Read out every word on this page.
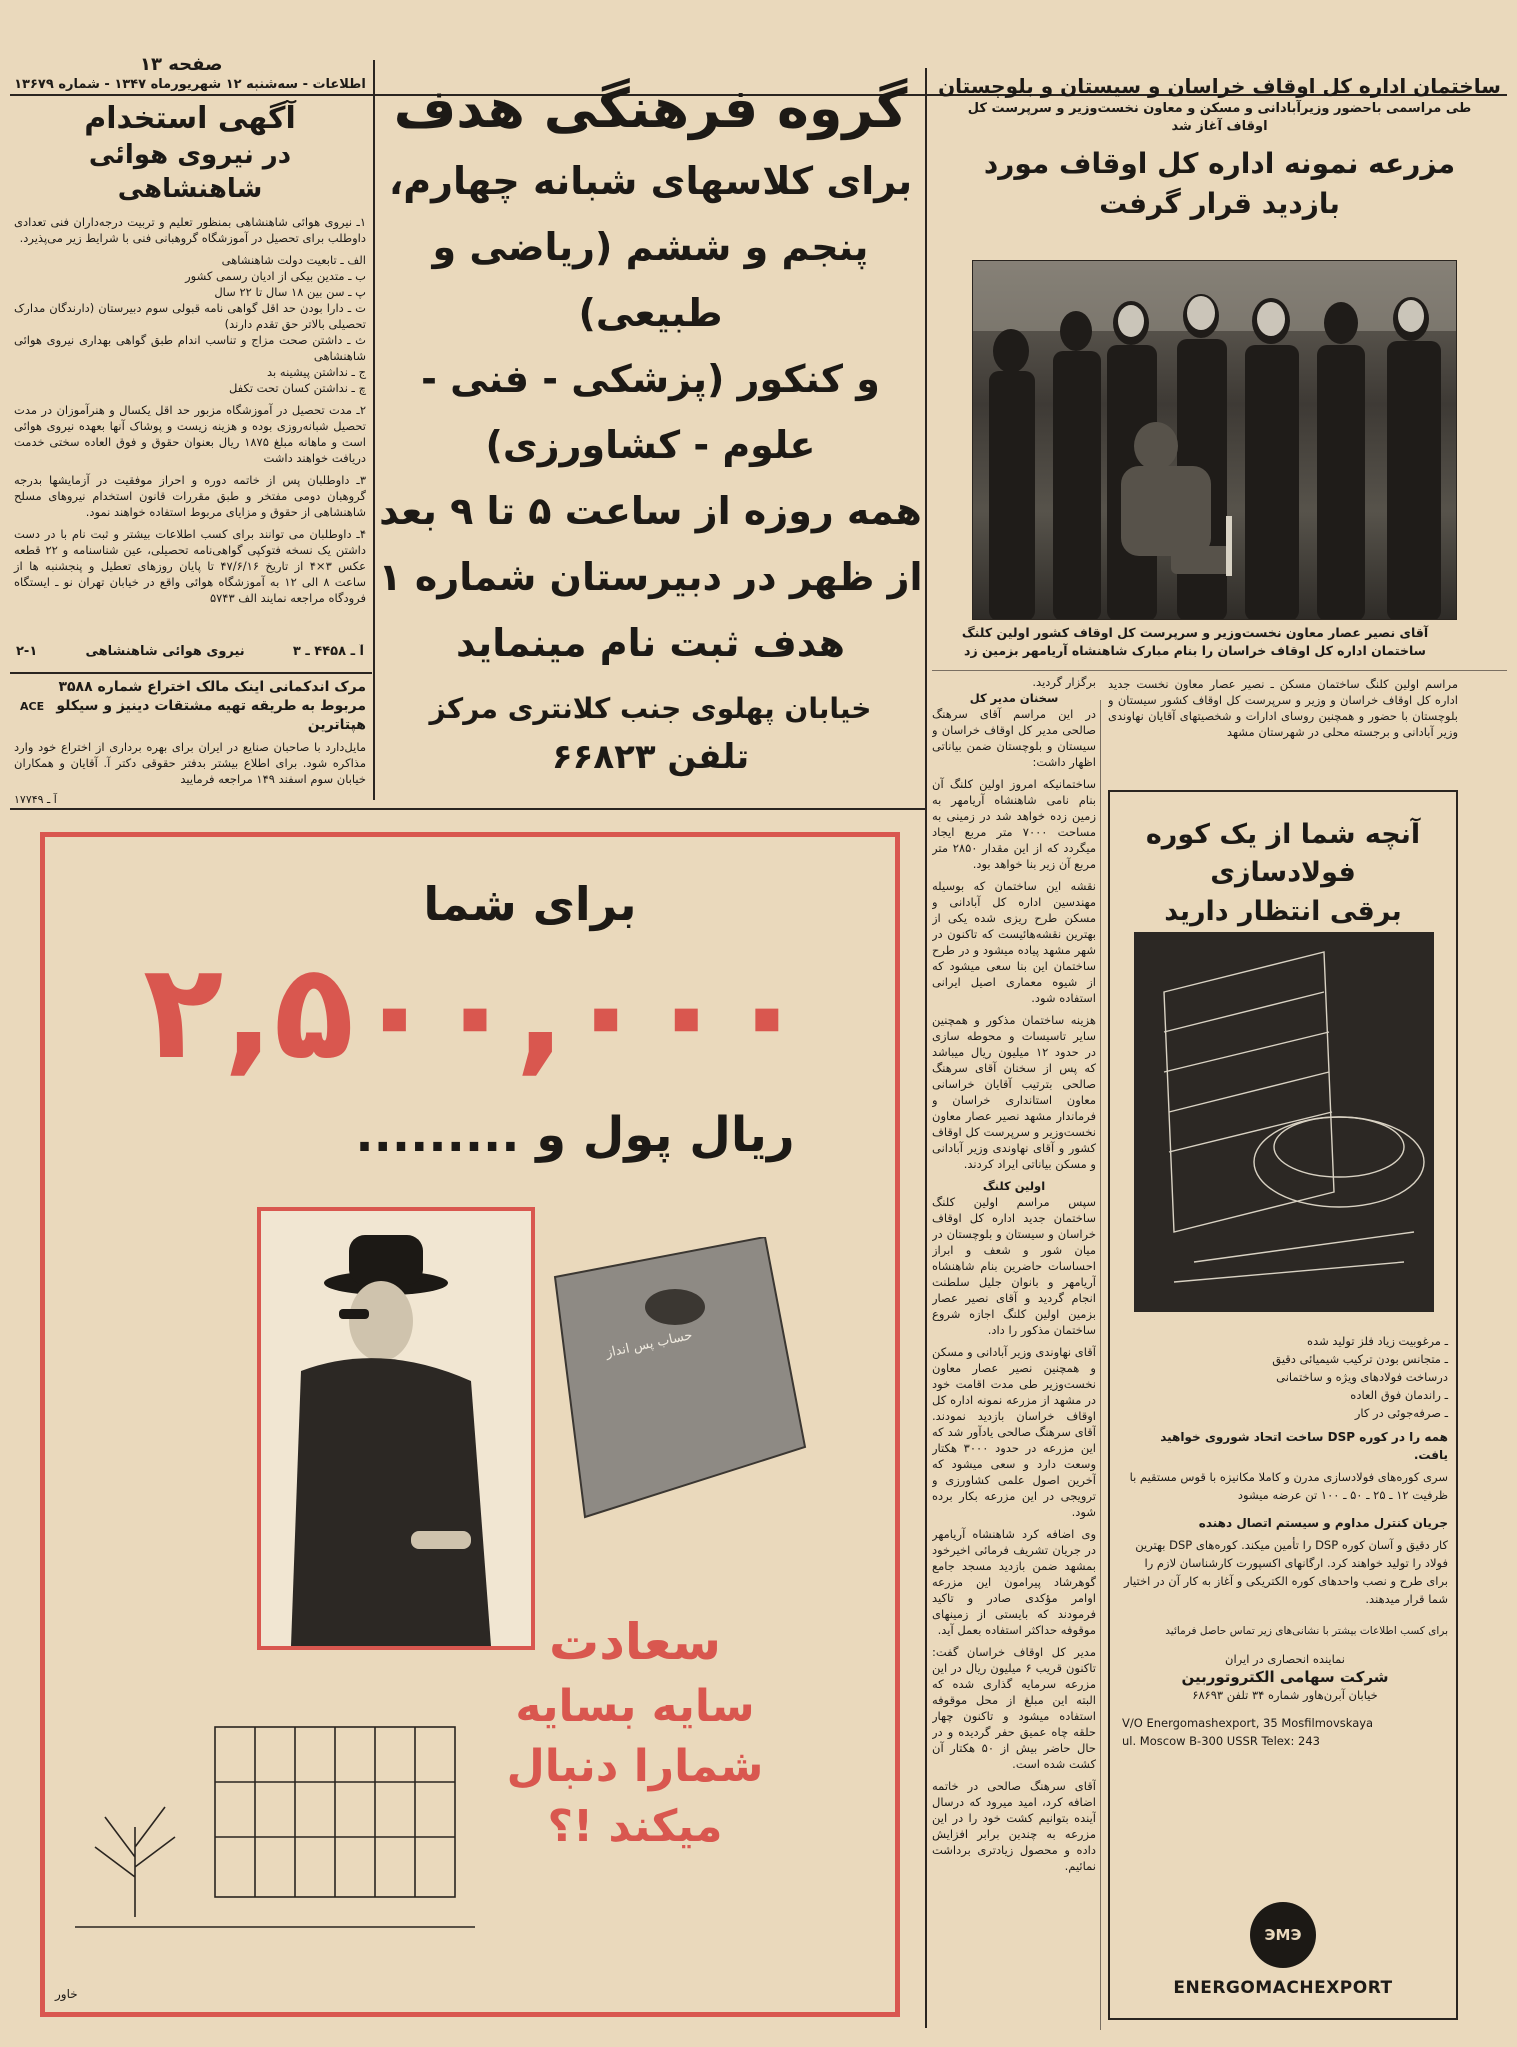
صفحه ۱۳
اطلاعات - سه‌شنبه ۱۲ شهریورماه ۱۳۴۷ - شماره ۱۳۶۷۹
آگهی استخدام
در نیروی هوائی شاهنشاهی

۱ـ نیروی هوائی شاهنشاهی بمنظور تعلیم و تربیت درجه‌داران فنی تعدادی داوطلب برای تحصیل در آموزشگاه گروهبانی فنی با شرایط زیر می‌پذیرد.

الف ـ تابعیت دولت شاهنشاهی

ب ـ متدین بیکی از ادیان رسمی کشور

پ ـ سن بین ۱۸ سال تا ۲۲ سال

ت ـ دارا بودن حد اقل گواهی نامه قبولی سوم دبیرستان (دارندگان مدارک تحصیلی بالاتر حق تقدم دارند)

ث ـ داشتن صحت مزاج و تناسب اندام طبق گواهی بهداری نیروی هوائی شاهنشاهی

ج ـ نداشتن پیشینه بد

چ ـ نداشتن کسان تحت تکفل

۲ـ مدت تحصیل در آموزشگاه مزبور حد اقل یکسال و هنرآموزان در مدت تحصیل شبانه‌روزی بوده و هزینه زیست و پوشاک آنها بعهده نیروی هوائی است و ماهانه مبلغ ۱۸۷۵ ریال بعنوان حقوق و فوق العاده سختی خدمت دریافت خواهند داشت

۳ـ داوطلبان پس از خاتمه دوره و احراز موفقیت در آزمایشها بدرجه گروهبان دومی مفتخر و طبق مقررات قانون استخدام نیروهای مسلح شاهنشاهی از حقوق و مزایای مربوط استفاده خواهند نمود.

۴ـ داوطلبان می توانند برای کسب اطلاعات بیشتر و ثبت نام با در دست داشتن یک نسخه فتوکپی گواهی‌نامه تحصیلی، عین شناسنامه و ۲۲ قطعه عکس ۳×۴ از تاریخ ۴۷/۶/۱۶ تا پایان روزهای تعطیل و پنجشنبه ها از ساعت ۸ الی ۱۲ به آموزشگاه هوائی واقع در خیابان تهران نو ـ ایستگاه فرودگاه مراجعه نمایند الف ۵۷۴۳

آ ـ ۴۴۵۸ ـ ۳
نیروی هوائی شاهنشاهی
۲-۱
مرک اندکمانی اینک مالک اختراع شماره ۳۵۸۸ مربوط به طریقه تهیه مشتقات دینیز و سیکلو هپتاترین
ACE

مایل‌دارد با صاحبان صنایع در ایران برای بهره برداری از اختراع خود وارد مذاکره شود. برای اطلاع بیشتر بدفتر حقوقی دکتر آ. آقایان و همکاران خیابان سوم اسفند ۱۴۹ مراجعه فرمایید

آ ـ ۱۷۷۴۹
گروه فرهنگی هدف
برای کلاسهای شبانه چهارم،
پنجم و ششم (ریاضی و طبیعی)
و کنکور (پزشکی - فنی -
علوم - کشاورزی)
همه روزه از ساعت ۵ تا ۹ بعد
از ظهر در دبیرستان شماره ۱
هدف ثبت نام مینماید
خیابان پهلوی جنب کلانتری مرکز
تلفن ۶۶۸۲۳
ساختمان اداره کل اوقاف خراسان و سیستان و بلوچستان
طی مراسمی باحضور وزیرآبادانی و مسکن و معاون نخست‌وزیر و سرپرست کل اوقاف آغاز شد
مزرعه نمونه اداره کل اوقاف مورد بازدید قرار گرفت
آقای نصیر عصار معاون نخست‌وزیر و سرپرست کل اوقاف کشور اولین کلنگ ساختمان اداره کل اوقاف خراسان را بنام مبارک شاهنشاه آریامهر بزمین زد
مراسم اولین کلنگ ساختمان مسکن ـ نصیر عصار معاون نخست جدید اداره کل اوقاف خراسان و وزیر و سرپرست کل اوقاف کشور سیستان و بلوچستان با حضور و همچنین روسای ادارات و شخصیتهای آقایان نهاوندی وزیر آبادانی و برجسته محلی در شهرستان مشهد

برگزار گردید.

سخنان مدیر کل

در این مراسم آقای سرهنگ صالحی مدیر کل اوقاف خراسان و سیستان و بلوچستان ضمن بیاناتی اظهار داشت:

ساختمانیکه امروز اولین کلنگ آن بنام نامی شاهنشاه آریامهر به زمین زده خواهد شد در زمینی به مساحت ۷۰۰۰ متر مربع ایجاد میگردد که از این مقدار ۲۸۵۰ متر مربع آن زیر بنا خواهد بود.

نقشه این ساختمان که بوسیله مهندسین اداره کل آبادانی و مسکن طرح ریزی شده یکی از بهترین نقشه‌هائیست که تاکنون در شهر مشهد پیاده میشود و در طرح ساختمان این بنا سعی میشود که از شیوه معماری اصیل ایرانی استفاده شود.

هزینه ساختمان مذکور و همچنین سایر تاسیسات و محوطه سازی در حدود ۱۲ میلیون ریال میباشد که پس از سخنان آقای سرهنگ صالحی بترتیب آقایان خراسانی معاون استانداری خراسان و فرماندار مشهد نصیر عصار معاون نخست‌وزیر و سرپرست کل اوقاف کشور و آقای نهاوندی وزیر آبادانی و مسکن بیاناتی ایراد کردند.

اولین کلنگ

سپس مراسم اولین کلنگ ساختمان جدید اداره کل اوقاف خراسان و سیستان و بلوچستان در میان شور و شعف و ابراز احساسات حاضرین بنام شاهنشاه آریامهر و بانوان جلیل سلطنت انجام گردید و آقای نصیر عصار بزمین اولین کلنگ اجازه شروع ساختمان مذکور را داد.

آقای نهاوندی وزیر آبادانی و مسکن و همچنین نصیر عصار معاون نخست‌وزیر طی مدت اقامت خود در مشهد از مزرعه نمونه اداره کل اوقاف خراسان بازدید نمودند. آقای سرهنگ صالحی یادآور شد که این مزرعه در حدود ۳۰۰۰ هکتار وسعت دارد و سعی میشود که آخرین اصول علمی کشاورزی و ترویجی در این مزرعه بکار برده شود.

وی اضافه کرد شاهنشاه آریامهر در جریان تشریف فرمائی اخیرخود بمشهد ضمن بازدید مسجد جامع گوهرشاد پیرامون این مزرعه اوامر مؤکدی صادر و تاکید فرمودند که بایستی از زمینهای موقوفه حداکثر استفاده بعمل آید.

مدیر کل اوقاف خراسان گفت: تاکنون قریب ۶ میلیون ریال در این مزرعه سرمایه گذاری شده که البته این مبلغ از محل موقوفه استفاده میشود و تاکنون چهار حلقه چاه عمیق حفر گردیده و در حال حاضر بیش از ۵۰ هکتار آن کشت شده است.

آقای سرهنگ صالحی در خاتمه اضافه کرد، امید میرود که درسال آینده بتوانیم کشت خود را در این مزرعه به چندین برابر افزایش داده و محصول زیادتری برداشت نمائیم.

برای شما
۲,۵۰۰,۰۰۰
ریال پول و .........
حساب پس انداز
سعادت
سایه بسایه
شمارا دنبال
میکند !؟
خاور
آنچه شما از یک کوره فولادسازی
برقی انتظار دارید
ـ مرغوبیت زیاد فلز تولید شده
ـ متجانس بودن ترکیب شیمیائی دقیق
درساخت فولادهای ویژه و ساختمانی
ـ راندمان فوق العاده
ـ صرفه‌جوئی در کار
همه را در کوره DSP ساخت اتحاد شوروی خواهید یافت.
سری کوره‌های فولادسازی مدرن و کاملا مکانیزه با قوس مستقیم با ظرفیت ۱۲ ـ ۲۵ ـ ۵۰ ـ ۱۰۰ تن عرضه میشود
جریان کنترل مداوم و سیستم اتصال دهنده
کار دقیق و آسان کوره DSP را تأمین میکند. کوره‌های DSP بهترین فولاد را تولید خواهند کرد. ارگانهای اکسپورت کارشناسان لازم را برای طرح و نصب واحدهای کوره الکتریکی و آغاز به کار آن در اختیار شما قرار میدهند.
برای کسب اطلاعات بیشتر با نشانی‌های زیر تماس حاصل فرمائید
نماینده انحصاری در ایران
شرکت سهامی الکتروتوربین
خیابان آبرن‌هاور شماره ۳۴ تلفن ۶۸۶۹۳
V/O Energomashexport, 35 Mosfilmovskaya
ul. Moscow B-300 USSR Telex: 243
ЭМЭ
ENERGOMACHEXPORT
